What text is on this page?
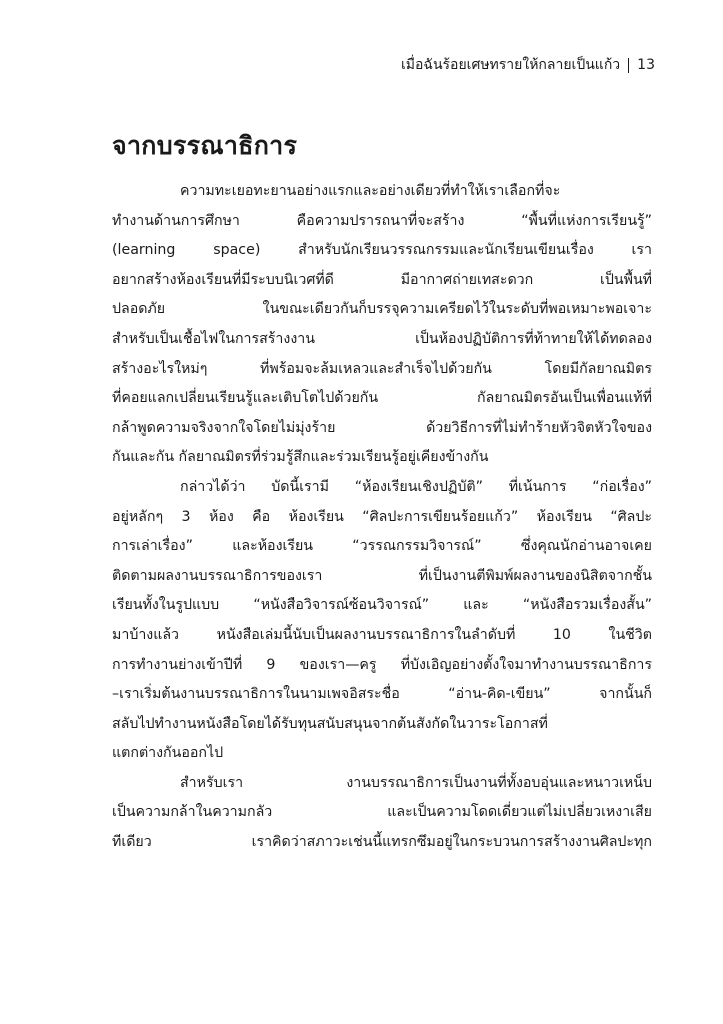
เมื่อฉันร้อยเศษทรายให้กลายเป็นแก้ว 13
จากบรรณาธิการ
ความทะเยอทะยานอย่างแรกและอย่างเดียวที่ทำให้เราเลือกที่จะ
ทำงานด้านการศึกษา คือความปรารถนาที่จะสร้าง “พื้นที่แห่งการเรียนรู้”
(learning space) สำหรับนักเรียนวรรณกรรมและนักเรียนเขียนเรื่อง เรา
อยากสร้างห้องเรียนที่มีระบบนิเวศที่ดี มีอากาศถ่ายเทสะดวก เป็นพื้นที่
ปลอดภัย ในขณะเดียวกันก็บรรจุความเครียดไว้ในระดับที่พอเหมาะพอเจาะ
สำหรับเป็นเชื้อไฟในการสร้างงาน เป็นห้องปฏิบัติการที่ท้าทายให้ได้ทดลอง
สร้างอะไรใหม่ๆ ที่พร้อมจะล้มเหลวและสำเร็จไปด้วยกัน โดยมีกัลยาณมิตร
ที่คอยแลกเปลี่ยนเรียนรู้และเติบโตไปด้วยกัน กัลยาณมิตรอันเป็นเพื่อนแท้ที่
กล้าพูดความจริงจากใจโดยไม่มุ่งร้าย ด้วยวิธีการที่ไม่ทำร้ายหัวจิตหัวใจของ
กันและกัน กัลยาณมิตรที่ร่วมรู้สึกและร่วมเรียนรู้อยู่เคียงข้างกัน
กล่าวได้ว่า บัดนี้เรามี “ห้องเรียนเชิงปฏิบัติ” ที่เน้นการ “ก่อเรื่อง”
อยู่หลักๆ 3 ห้อง คือ ห้องเรียน “ศิลปะการเขียนร้อยแก้ว” ห้องเรียน “ศิลปะ
การเล่าเรื่อง” และห้องเรียน “วรรณกรรมวิจารณ์” ซึ่งคุณนักอ่านอาจเคย
ติดตามผลงานบรรณาธิการของเรา ที่เป็นงานตีพิมพ์ผลงานของนิสิตจากชั้น
เรียนทั้งในรูปแบบ “หนังสือวิจารณ์ซ้อนวิจารณ์” และ “หนังสือรวมเรื่องสั้น”
มาบ้างแล้ว หนังสือเล่มนี้นับเป็นผลงานบรรณาธิการในลำดับที่ 10 ในชีวิต
การทำงานย่างเข้าปีที่ 9 ของเรา—ครู ที่บังเอิญอย่างตั้งใจมาทำงานบรรณาธิการ
–เราเริ่มต้นงานบรรณาธิการในนามเพจอิสระชื่อ “อ่าน-คิด-เขียน” จากนั้นก็
สลับไปทำงานหนังสือโดยได้รับทุนสนับสนุนจากต้นสังกัดในวาระโอกาสที่
แตกต่างกันออกไป
สำหรับเรา งานบรรณาธิการเป็นงานที่ทั้งอบอุ่นและหนาวเหน็บ
เป็นความกล้าในความกลัว และเป็นความโดดเดี่ยวแต่ไม่เปลี่ยวเหงาเสีย
ทีเดียว เราคิดว่าสภาวะเช่นนี้แทรกซึมอยู่ในกระบวนการสร้างงานศิลปะทุก
